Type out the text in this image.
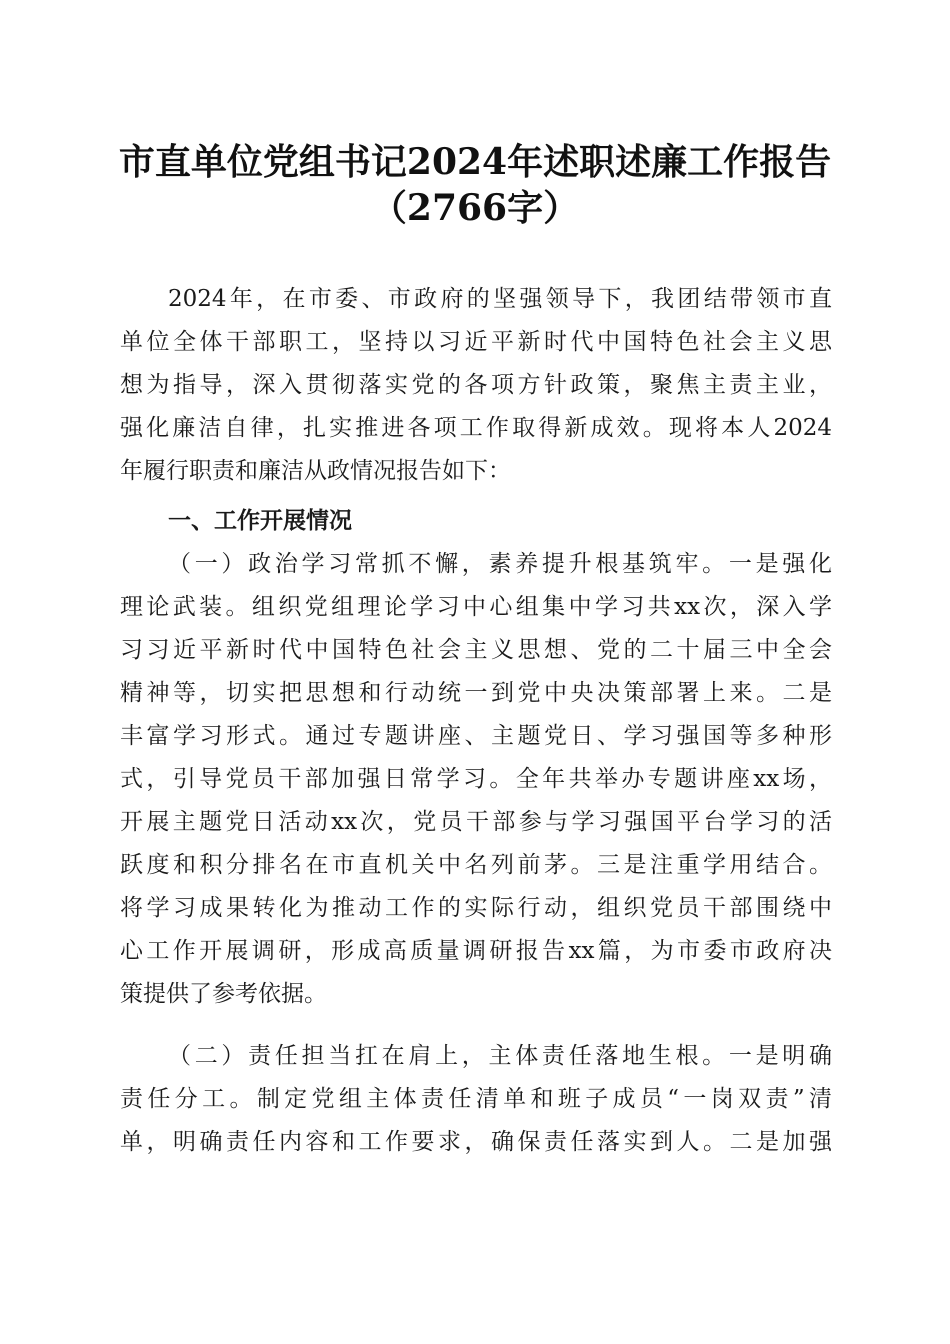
市直单位党组书记2024年述职述廉工作报告
（2766字）
2024年，在市委、市政府的坚强领导下，我团结带领市直
单位全体干部职工，坚持以习近平新时代中国特色社会主义思
想为指导，深入贯彻落实党的各项方针政策，聚焦主责主业，
强化廉洁自律，扎实推进各项工作取得新成效。现将本人2024
年履行职责和廉洁从政情况报告如下：
一、工作开展情况
（一）政治学习常抓不懈，素养提升根基筑牢。一是强化
理论武装。组织党组理论学习中心组集中学习共xx次，深入学
习习近平新时代中国特色社会主义思想、党的二十届三中全会
精神等，切实把思想和行动统一到党中央决策部署上来。二是
丰富学习形式。通过专题讲座、主题党日、学习强国等多种形
式，引导党员干部加强日常学习。全年共举办专题讲座xx场，
开展主题党日活动xx次，党员干部参与学习强国平台学习的活
跃度和积分排名在市直机关中名列前茅。三是注重学用结合。
将学习成果转化为推动工作的实际行动，组织党员干部围绕中
心工作开展调研，形成高质量调研报告xx篇，为市委市政府决
策提供了参考依据。
（二）责任担当扛在肩上，主体责任落地生根。一是明确
责任分工。制定党组主体责任清单和班子成员“一岗双责”清
单，明确责任内容和工作要求，确保责任落实到人。二是加强
